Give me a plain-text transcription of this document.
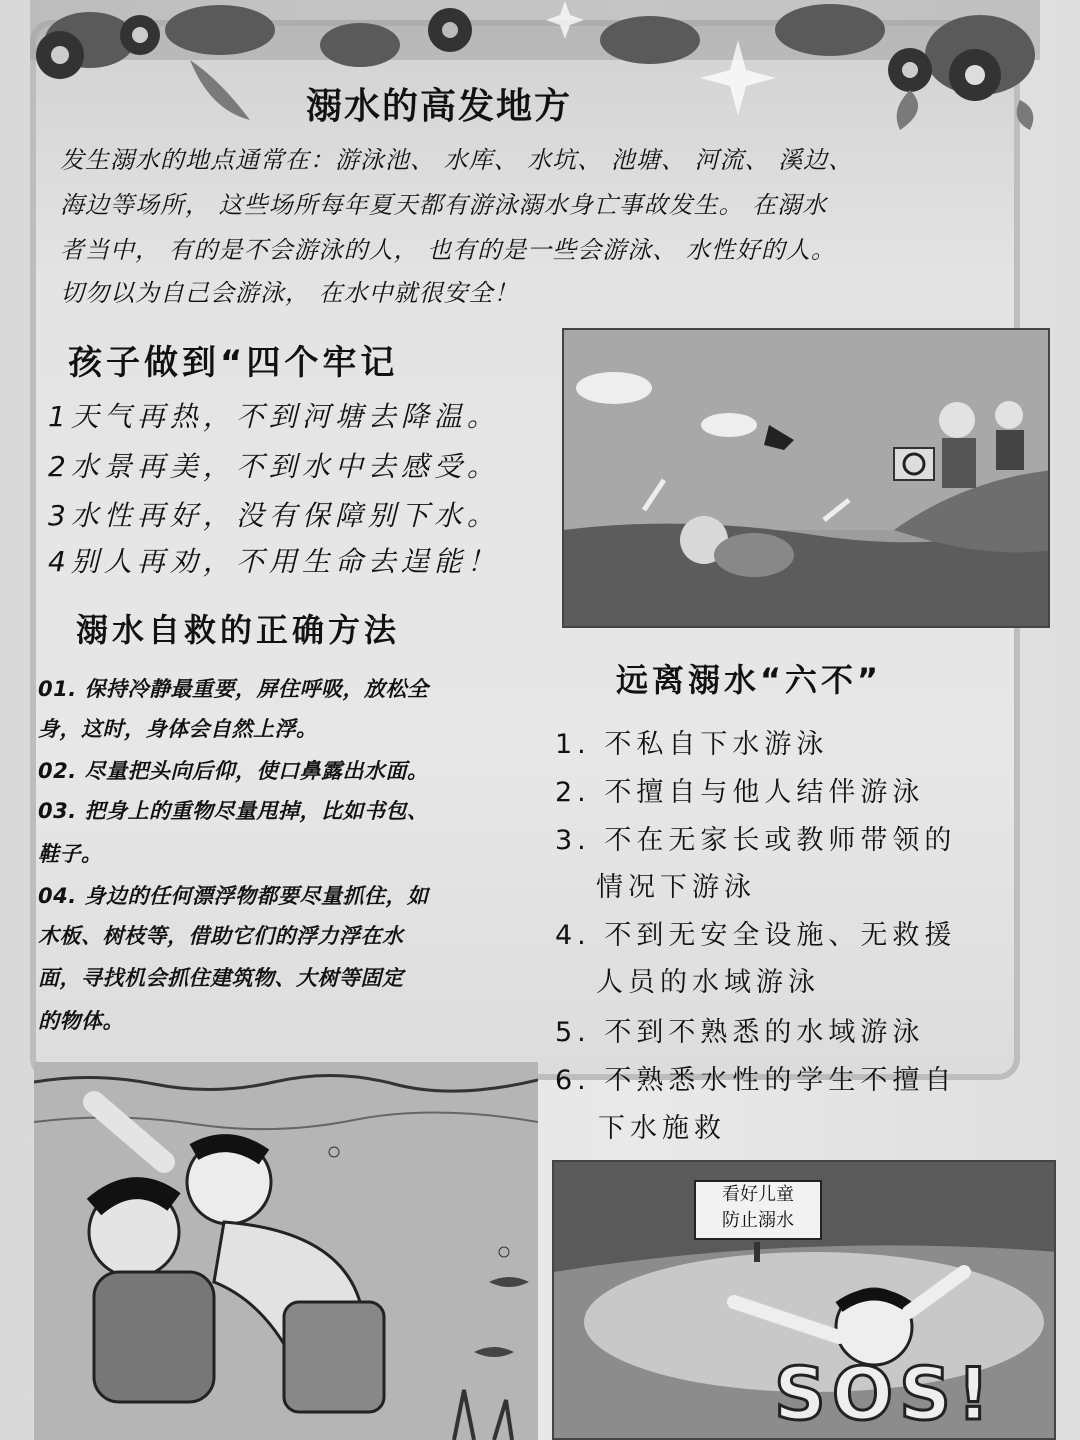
溺水的高发地方
发生溺水的地点通常在：游泳池、 水库、 水坑、 池塘、 河流、 溪边、
海边等场所， 这些场所每年夏天都有游泳溺水身亡事故发生。 在溺水
者当中， 有的是不会游泳的人， 也有的是一些会游泳、 水性好的人。
切勿以为自己会游泳， 在水中就很安全！
孩子做到“四个牢记
1天气再热，不到河塘去降温。
2水景再美，不到水中去感受。
3水性再好，没有保障别下水。
4别人再劝，不用生命去逞能！
溺水自救的正确方法
01. 保持冷静最重要，屏住呼吸，放松全
身，这时，身体会自然上浮。
02. 尽量把头向后仰，使口鼻露出水面。
03. 把身上的重物尽量甩掉，比如书包、
鞋子。
04. 身边的任何漂浮物都要尽量抓住，如
木板、树枝等，借助它们的浮力浮在水
面，寻找机会抓住建筑物、大树等固定
的物体。
远离溺水“六不”
1. 不私自下水游泳
2. 不擅自与他人结伴游泳
3. 不在无家长或教师带领的
情况下游泳
4. 不到无安全设施、无救援
人员的水域游泳
5. 不到不熟悉的水域游泳
6. 不熟悉水性的学生不擅自
下水施救
看好儿童
防止溺水
SOS!
